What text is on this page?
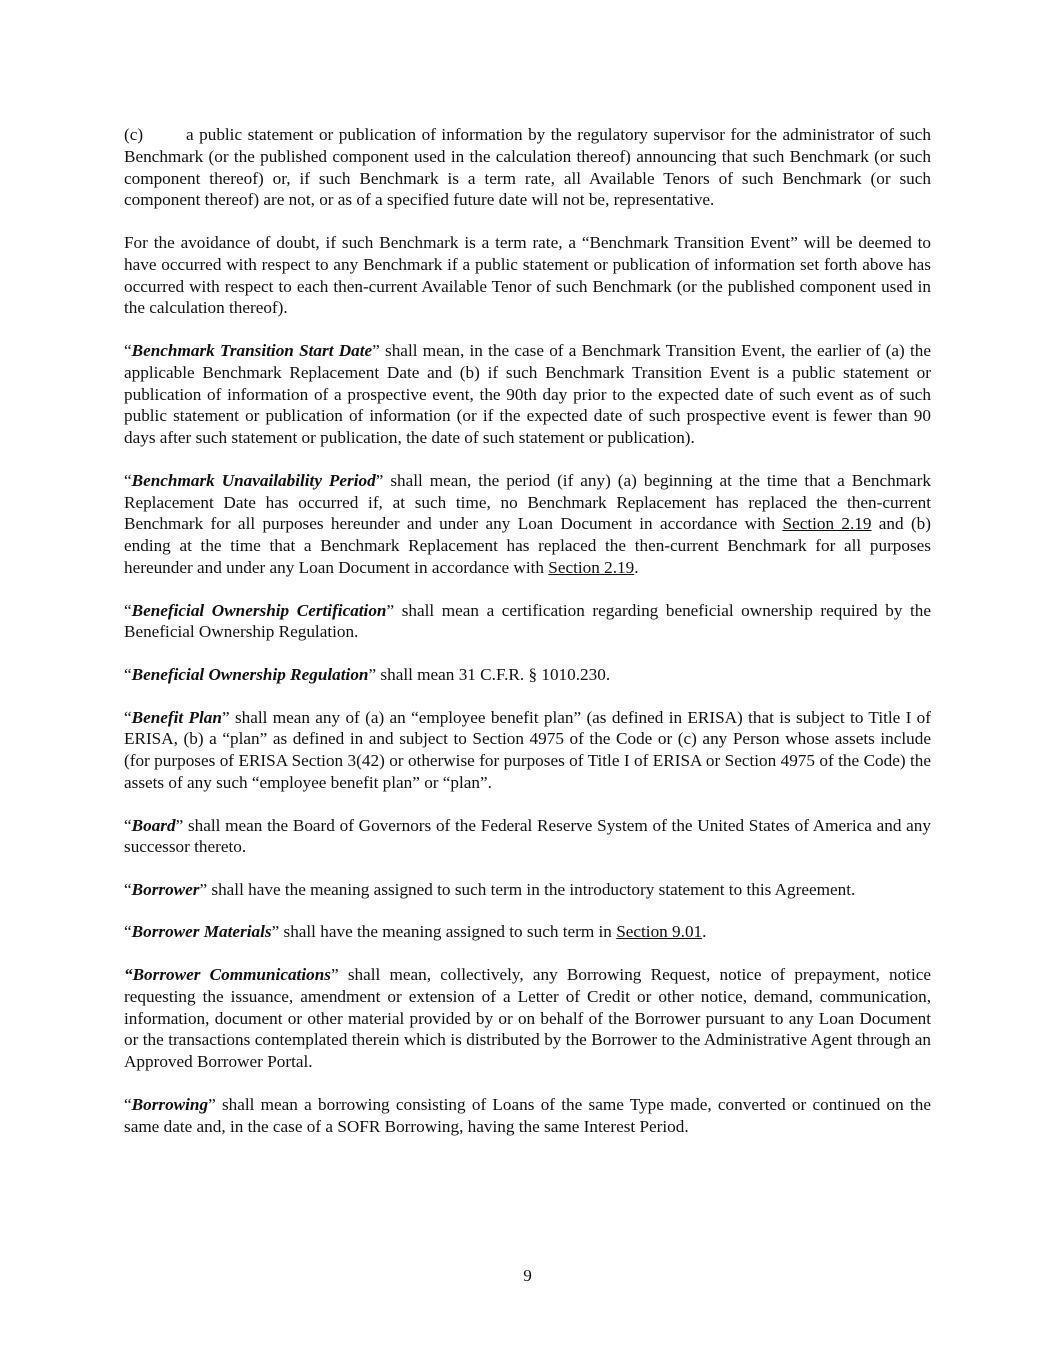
(c) a public statement or publication of information by the regulatory supervisor for the administrator of such Benchmark (or the published component used in the calculation thereof) announcing that such Benchmark (or such component thereof) or, if such Benchmark is a term rate, all Available Tenors of such Benchmark (or such component thereof) are not, or as of a specified future date will not be, representative.

For the avoidance of doubt, if such Benchmark is a term rate, a “Benchmark Transition Event” will be deemed to have occurred with respect to any Benchmark if a public statement or publication of information set forth above has occurred with respect to each then-current Available Tenor of such Benchmark (or the published component used in the calculation thereof).

“Benchmark Transition Start Date” shall mean, in the case of a Benchmark Transition Event, the earlier of (a) the applicable Benchmark Replacement Date and (b) if such Benchmark Transition Event is a public statement or publication of information of a prospective event, the 90th day prior to the expected date of such event as of such public statement or publication of information (or if the expected date of such prospective event is fewer than 90 days after such statement or publication, the date of such statement or publication).

“Benchmark Unavailability Period” shall mean, the period (if any) (a) beginning at the time that a Benchmark Replacement Date has occurred if, at such time, no Benchmark Replacement has replaced the then-current Benchmark for all purposes hereunder and under any Loan Document in accordance with Section 2.19 and (b) ending at the time that a Benchmark Replacement has replaced the then-current Benchmark for all purposes hereunder and under any Loan Document in accordance with Section 2.19.

“Beneficial Ownership Certification” shall mean a certification regarding beneficial ownership required by the Beneficial Ownership Regulation.

“Beneficial Ownership Regulation” shall mean 31 C.F.R. § 1010.230.

“Benefit Plan” shall mean any of (a) an “employee benefit plan” (as defined in ERISA) that is subject to Title I of ERISA, (b) a “plan” as defined in and subject to Section 4975 of the Code or (c) any Person whose assets include (for purposes of ERISA Section 3(42) or otherwise for purposes of Title I of ERISA or Section 4975 of the Code) the assets of any such “employee benefit plan” or “plan”.

“Board” shall mean the Board of Governors of the Federal Reserve System of the United States of America and any successor thereto.

“Borrower” shall have the meaning assigned to such term in the introductory statement to this Agreement.

“Borrower Materials” shall have the meaning assigned to such term in Section 9.01.

“Borrower Communications” shall mean, collectively, any Borrowing Request, notice of prepayment, notice requesting the issuance, amendment or extension of a Letter of Credit or other notice, demand, communication, information, document or other material provided by or on behalf of the Borrower pursuant to any Loan Document or the transactions contemplated therein which is distributed by the Borrower to the Administrative Agent through an Approved Borrower Portal.

“Borrowing” shall mean a borrowing consisting of Loans of the same Type made, converted or continued on the same date and, in the case of a SOFR Borrowing, having the same Interest Period.

9
